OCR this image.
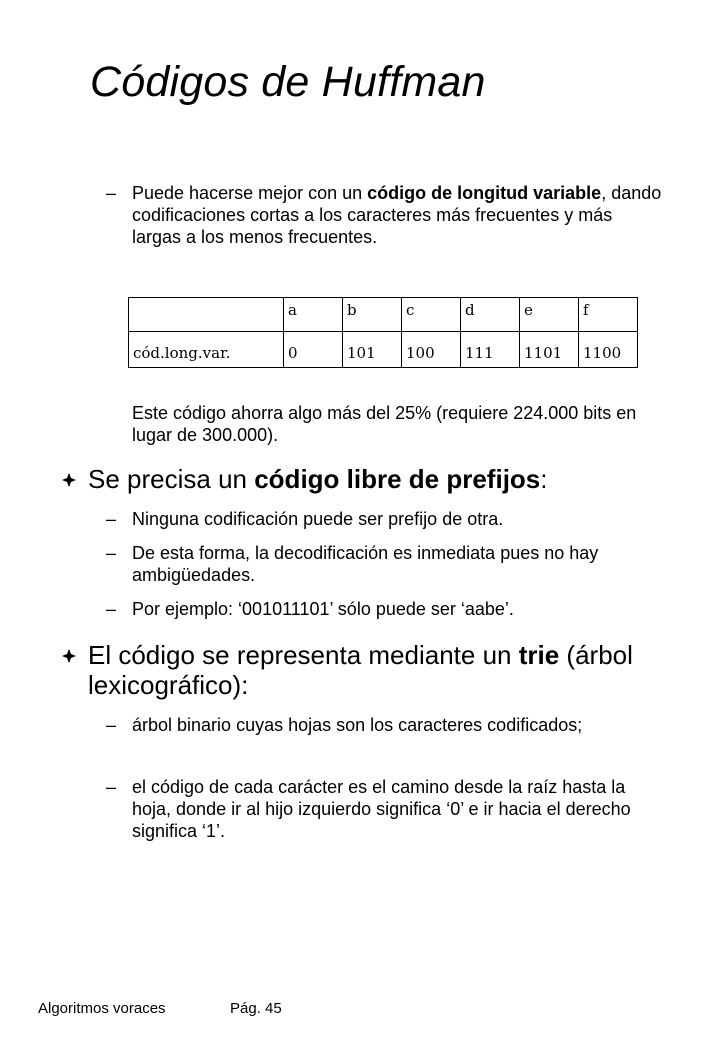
Códigos de Huffman
– Puede hacerse mejor con un código de longitud variable, dando codificaciones cortas a los caracteres más frecuentes y más largas a los menos frecuentes.
	a	b	c	d	e	f
cód.long.var.	0	101	100	111	1101	1100
Este código ahorra algo más del 25% (requiere 224.000 bits en lugar de 300.000).
Se precisa un código libre de prefijos:
– Ninguna codificación puede ser prefijo de otra.
– De esta forma, la decodificación es inmediata pues no hay ambigüedades.
– Por ejemplo: ‘001011101’ sólo puede ser ‘aabe’.
El código se representa mediante un trie (árbol lexicográfico):
– árbol binario cuyas hojas son los caracteres codificados;
– el código de cada carácter es el camino desde la raíz hasta la hoja, donde ir al hijo izquierdo significa ‘0’ e ir hacia el derecho significa ‘1’.
Algoritmos voraces	Pág. 45
